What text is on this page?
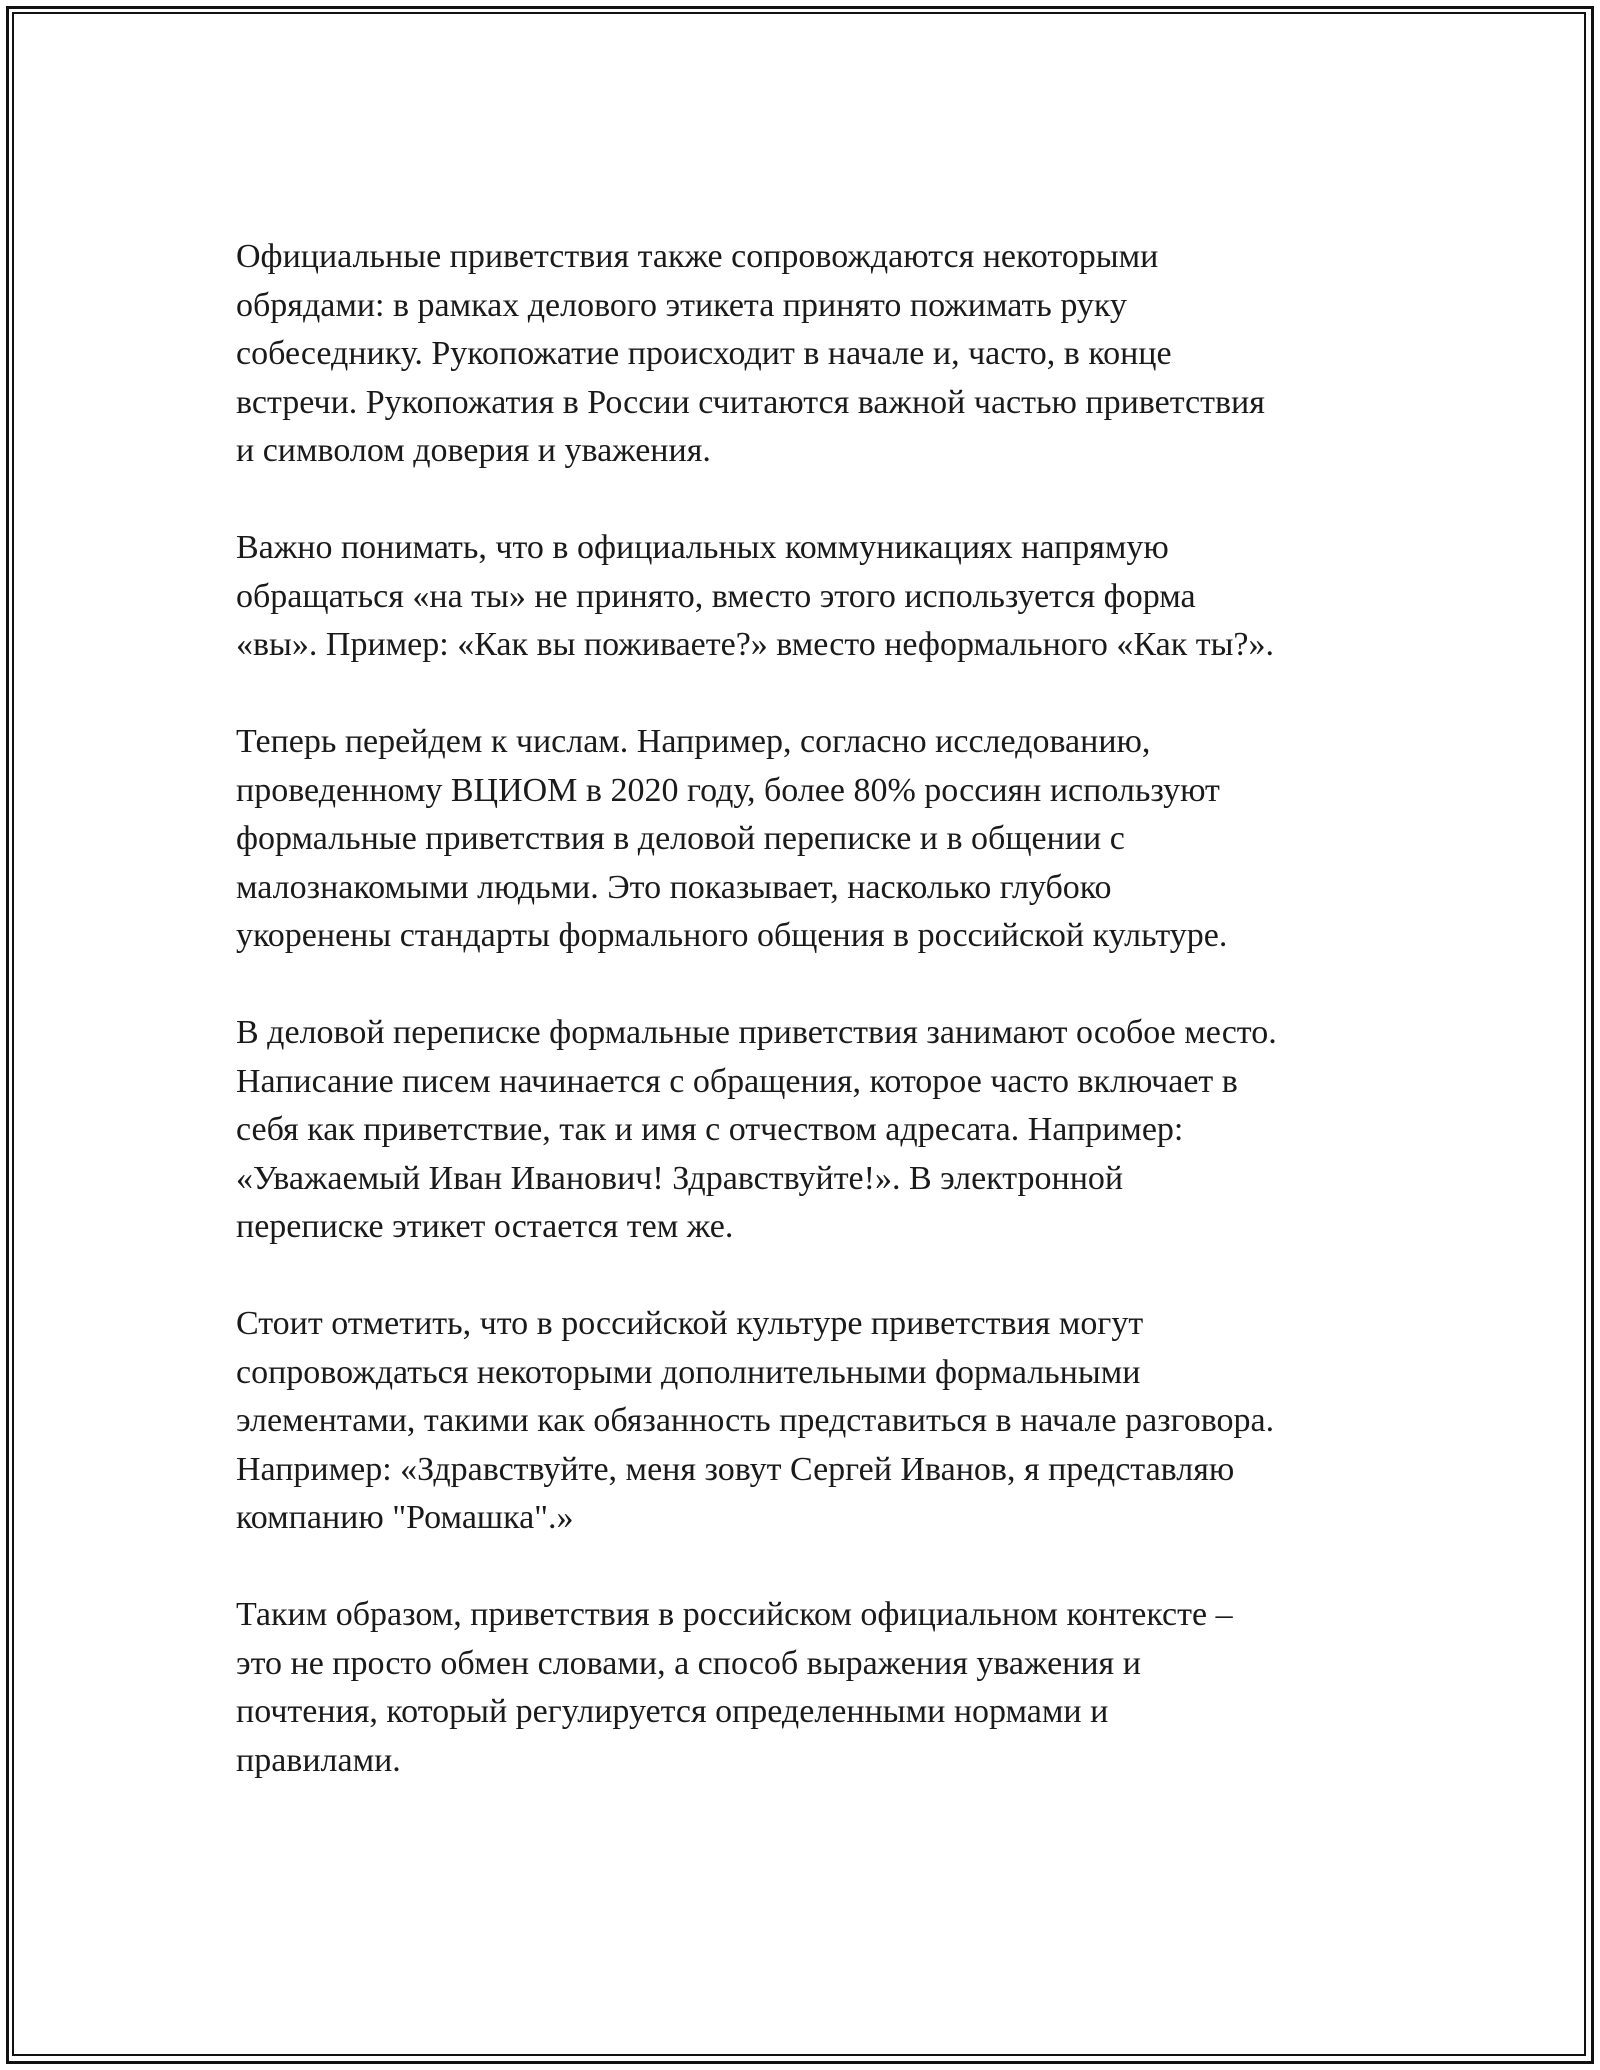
Официальные приветствия также сопровождаются некоторыми
обрядами: в рамках делового этикета принято пожимать руку
собеседнику. Рукопожатие происходит в начале и, часто, в конце
встречи. Рукопожатия в России считаются важной частью приветствия
и символом доверия и уважения.

Важно понимать, что в официальных коммуникациях напрямую
обращаться «на ты» не принято, вместо этого используется форма
«вы». Пример: «Как вы поживаете?» вместо неформального «Как ты?».

Теперь перейдем к числам. Например, согласно исследованию,
проведенному ВЦИОМ в 2020 году, более 80% россиян используют
формальные приветствия в деловой переписке и в общении с
малознакомыми людьми. Это показывает, насколько глубоко
укоренены стандарты формального общения в российской культуре.

В деловой переписке формальные приветствия занимают особое место.
Написание писем начинается с обращения, которое часто включает в
себя как приветствие, так и имя с отчеством адресата. Например:
«Уважаемый Иван Иванович! Здравствуйте!». В электронной
переписке этикет остается тем же.

Стоит отметить, что в российской культуре приветствия могут
сопровождаться некоторыми дополнительными формальными
элементами, такими как обязанность представиться в начале разговора.
Например: «Здравствуйте, меня зовут Сергей Иванов, я представляю
компанию "Ромашка".»

Таким образом, приветствия в российском официальном контексте –
это не просто обмен словами, а способ выражения уважения и
почтения, который регулируется определенными нормами и
правилами.
